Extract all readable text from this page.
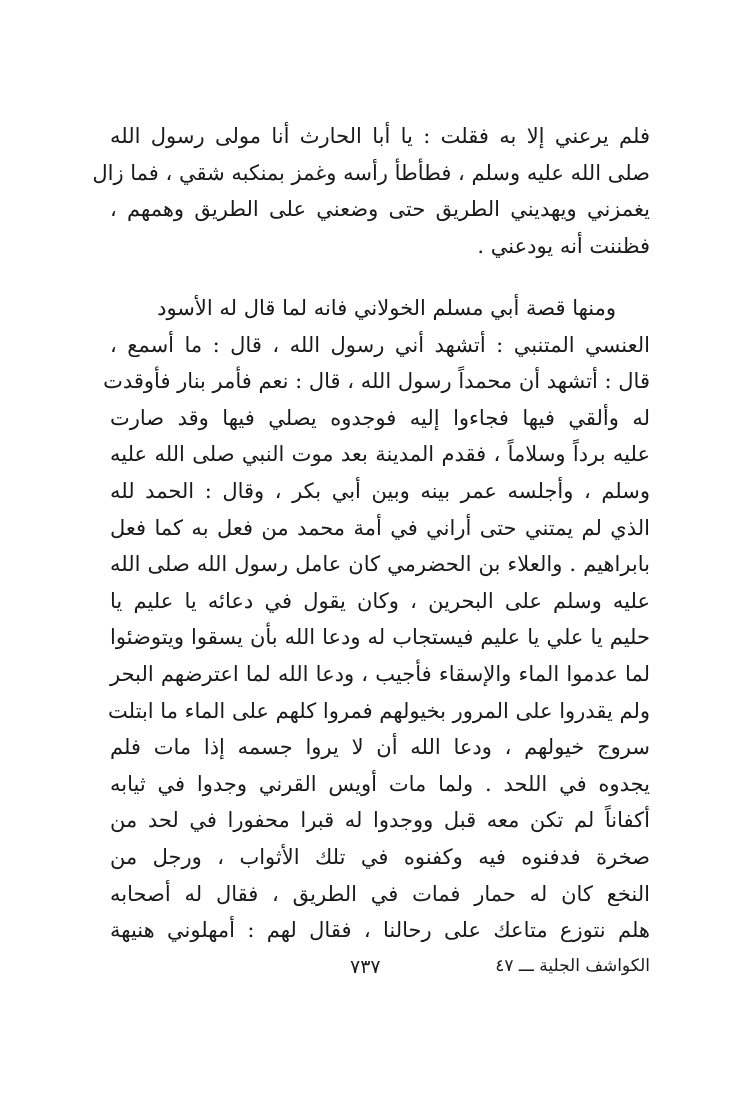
فلم يرعني إلا به فقلت : يا أبا الحارث أنا مولى رسول الله
صلى الله عليه وسلم ، فطأطأ رأسه وغمز بمنكبه شقي ، فما زال
يغمزني ويهديني الطريق حتى وضعني على الطريق وهمهم ،
فظننت أنه يودعني .
ومنها قصة أبي مسلم الخولاني فانه لما قال له الأسود
العنسي المتنبي : أتشهد أني رسول الله ، قال : ما أسمع ،
قال : أتشهد أن محمداً رسول الله ، قال : نعم فأمر بنار فأوقدت
له وألقي فيها فجاءوا إليه فوجدوه يصلي فيها وقد صارت
عليه برداً وسلاماً ، فقدم المدينة بعد موت النبي صلى الله عليه
وسلم ، وأجلسه عمر بينه وبين أبي بكر ، وقال : الحمد لله
الذي لم يمتني حتى أراني في أمة محمد من فعل به كما فعل
بابراهيم . والعلاء بن الحضرمي كان عامل رسول الله صلى الله
عليه وسلم على البحرين ، وكان يقول في دعائه يا عليم يا
حليم يا علي يا عليم فيستجاب له ودعا الله بأن يسقوا ويتوضئوا
لما عدموا الماء والإسقاء فأجيب ، ودعا الله لما اعترضهم البحر
ولم يقدروا على المرور بخيولهم فمروا كلهم على الماء ما ابتلت
سروج خيولهم ، ودعا الله أن لا يروا جسمه إذا مات فلم
يجدوه في اللحد . ولما مات أويس القرني وجدوا في ثيابه
أكفاناً لم تكن معه قبل ووجدوا له قبرا محفورا في لحد من
صخرة فدفنوه فيه وكفنوه في تلك الأثواب ، ورجل من
النخع كان له حمار فمات في الطريق ، فقال له أصحابه
هلم نتوزع متاعك على رحالنا ، فقال لهم : أمهلوني هنيهة
الكواشف الجلية ـــ ٤٧
٧٣٧
